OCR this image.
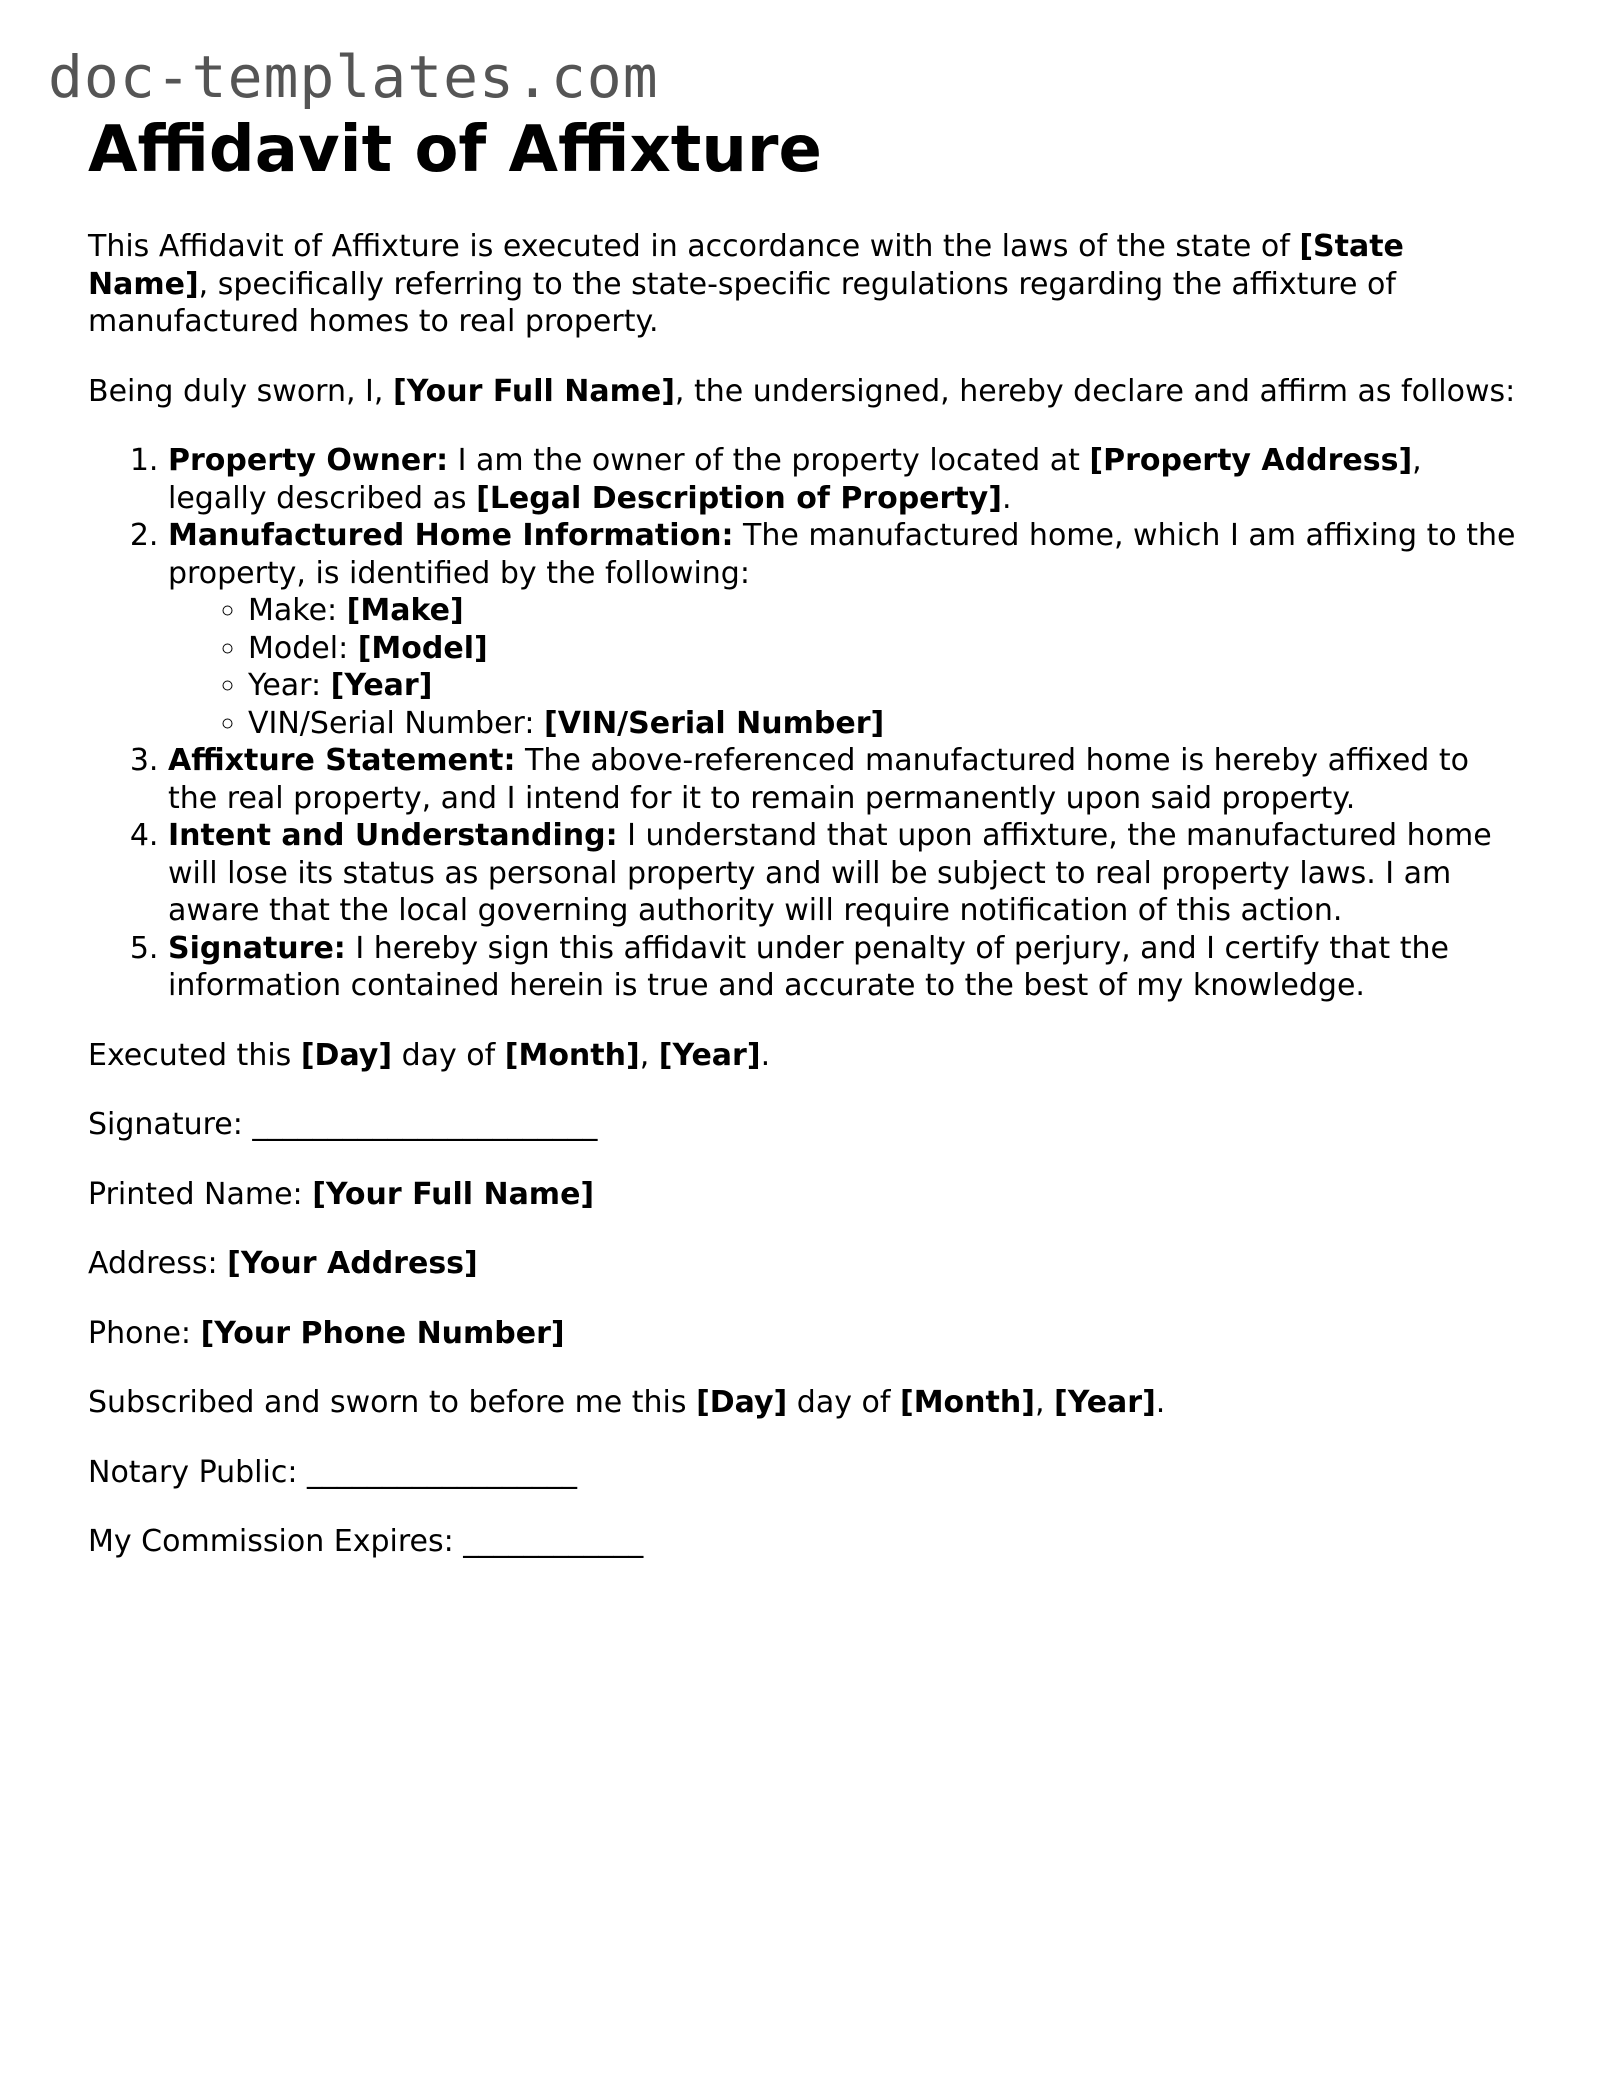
doc-templates.com
Affidavit of Affixture

This Affidavit of Affixture is executed in accordance with the laws of the state of [State Name], specifically referring to the state-specific regulations regarding the affixture of manufactured homes to real property.

Being duly sworn, I, [Your Full Name], the undersigned, hereby declare and affirm as follows:

1. Property Owner: I am the owner of the property located at [Property Address], legally described as [Legal Description of Property].
2. Manufactured Home Information: The manufactured home, which I am affixing to the property, is identified by the following:
◦ Make: [Make]
◦ Model: [Model]
◦ Year: [Year]
◦ VIN/Serial Number: [VIN/Serial Number]
3. Affixture Statement: The above-referenced manufactured home is hereby affixed to the real property, and I intend for it to remain permanently upon said property.
4. Intent and Understanding: I understand that upon affixture, the manufactured home will lose its status as personal property and will be subject to real property laws. I am aware that the local governing authority will require notification of this action.
5. Signature: I hereby sign this affidavit under penalty of perjury, and I certify that the information contained herein is true and accurate to the best of my knowledge.

Executed this [Day] day of [Month], [Year].

Signature: _______________________

Printed Name: [Your Full Name]

Address: [Your Address]

Phone: [Your Phone Number]

Subscribed and sworn to before me this [Day] day of [Month], [Year].

Notary Public: __________________

My Commission Expires: ____________
